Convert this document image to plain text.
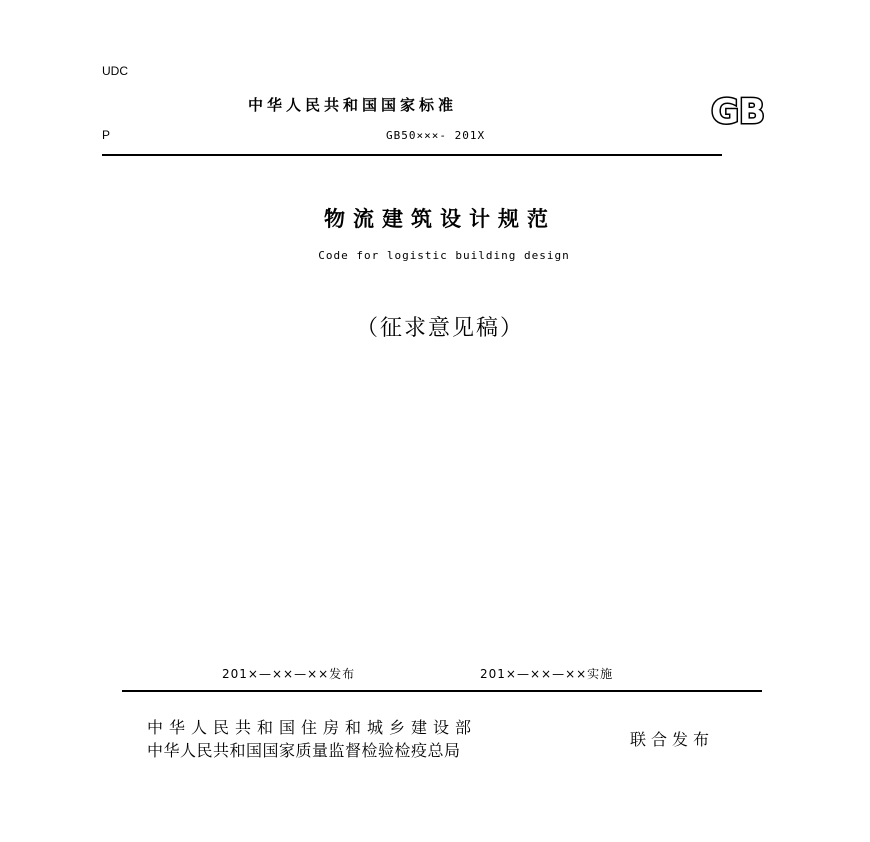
UDC
中华人民共和国国家标准	GB
P	GB50×××- 201X
物流建筑设计规范
Code for logistic building design
（征求意见稿）
201×—××—××发布	201×—××—××实施
中华人民共和国住房和城乡建设部
中华人民共和国国家质量监督检验检疫总局
联合发布
